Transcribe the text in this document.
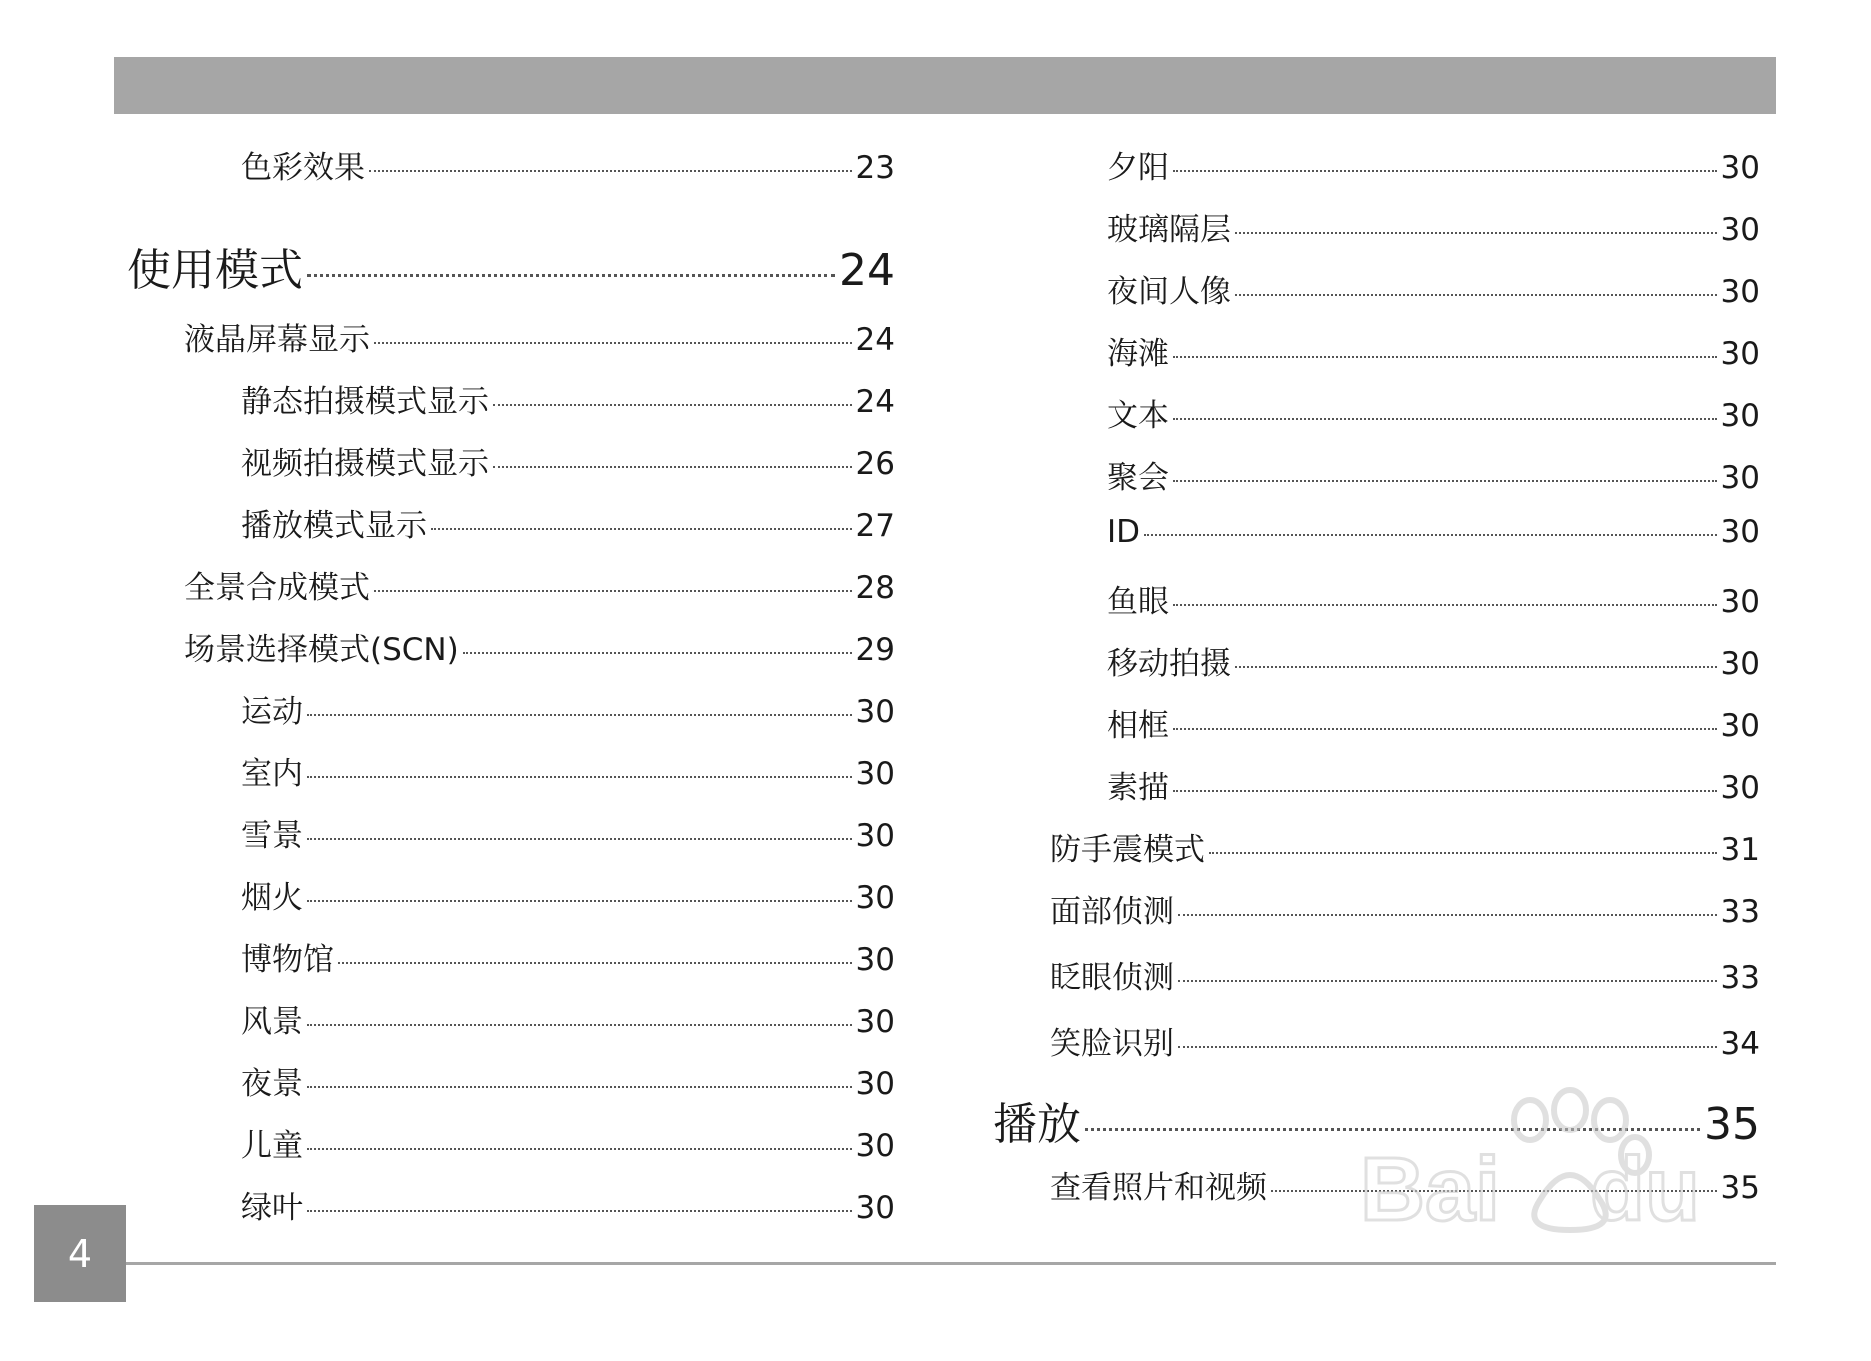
色彩效果	23
使用模式	24
液晶屏幕显示	24
静态拍摄模式显示	24
视频拍摄模式显示	26
播放模式显示	27
全景合成模式	28
场景选择模式(SCN)	29
运动	30
室内	30
雪景	30
烟火	30
博物馆	30
风景	30
夜景	30
儿童	30
绿叶	30
夕阳	30
玻璃隔层	30
夜间人像	30
海滩	30
文本	30
聚会	30
ID	30
鱼眼	30
移动拍摄	30
相框	30
素描	30
防手震模式	31
面部侦测	33
眨眼侦测	33
笑脸识别	34
播放	35
查看照片和视频	35
4
Bai du
